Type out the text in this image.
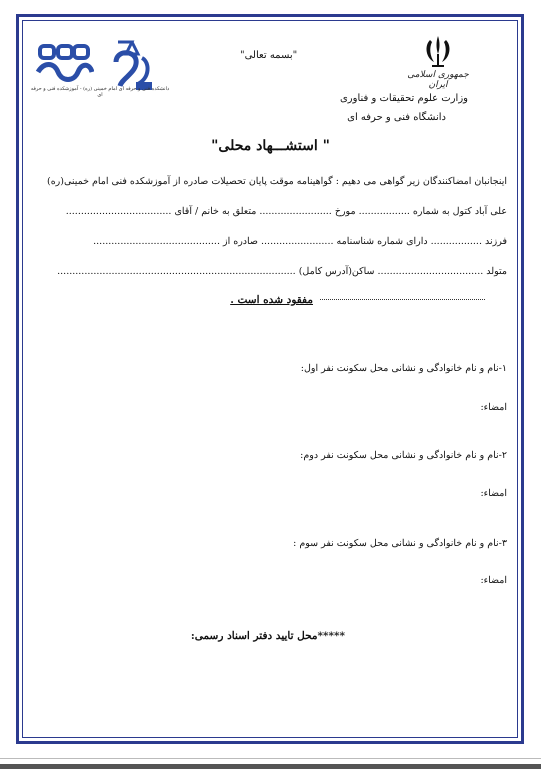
جمهوری اسلامی ایران
وزارت علوم تحقیقات و فناوری
دانشگاه فنی و حرفه ای
"بسمه تعالی"
دانشکده فنی و حرفه ای امام خمینی (ره) - آموزشکده فنی و حرفه ای
" استشـــهاد محلی"
اینجانبان امضاکنندگان زیر گواهی می دهیم : گواهینامه موقت پایان تحصیلات صادره از آموزشکده فنی امام خمینی(ره)
علی آباد کتول به شماره ................. مورخ ........................ متعلق به خانم / آقای ...................................
فرزند ................. دارای شماره شناسنامه ........................ صادره از ..........................................
متولد ................................... ساکن(آدرس کامل) ...............................................................................
مفقود شده است .
۱-نام و نام خانوادگی و نشانی محل سکونت نفر اول:
امضاء:
۲-نام و نام خانوادگی و نشانی محل سکونت نفر دوم:
امضاء:
۳-نام و نام خانوادگی و نشانی محل سکونت نفر سوم :
امضاء:
*****محل تایید دفتر اسناد رسمی:
